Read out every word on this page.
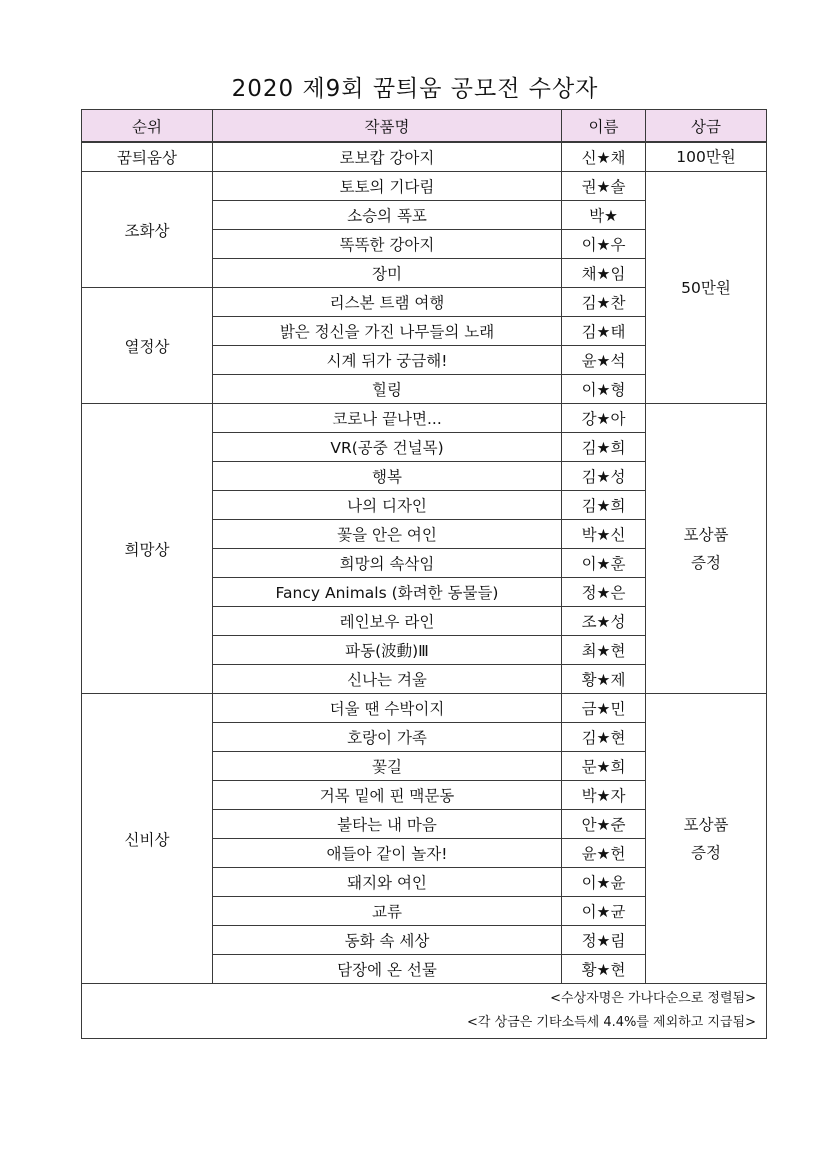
2020 제9회 꿈틔움 공모전 수상자
순위	작품명	이름	상금
꿈틔움상	로보캅 강아지	신★채	100만원
조화상	토토의 기다림	권★솔	50만원
	소승의 폭포	박★	
	똑똑한 강아지	이★우	
	장미	채★임	
열정상	리스본 트램 여행	김★찬	
	밝은 정신을 가진 나무들의 노래	김★태	
	시계 뒤가 궁금해!	윤★석	
	힐링	이★형	
희망상	코로나 끝나면...	강★아	포상품
증정
	VR(공중 건널목)	김★희	
	행복	김★성	
	나의 디자인	김★희	
	꽃을 안은 여인	박★신	
	희망의 속삭임	이★훈	
	Fancy Animals (화려한 동물들)	정★은	
	레인보우 라인	조★성	
	파동(波動)Ⅲ	최★현	
	신나는 겨울	황★제	
신비상	더울 땐 수박이지	금★민	포상품
증정
	호랑이 가족	김★현	
	꽃길	문★희	
	거목 밑에 핀 맥문동	박★자	
	불타는 내 마음	안★준	
	애들아 같이 놀자!	윤★헌	
	돼지와 여인	이★윤	
	교류	이★균	
	동화 속 세상	정★림	
	담장에 온 선물	황★현	

<수상자명은 가나다순으로 정렬됨>
<각 상금은 기타소득세 4.4%를 제외하고 지급됨>			
